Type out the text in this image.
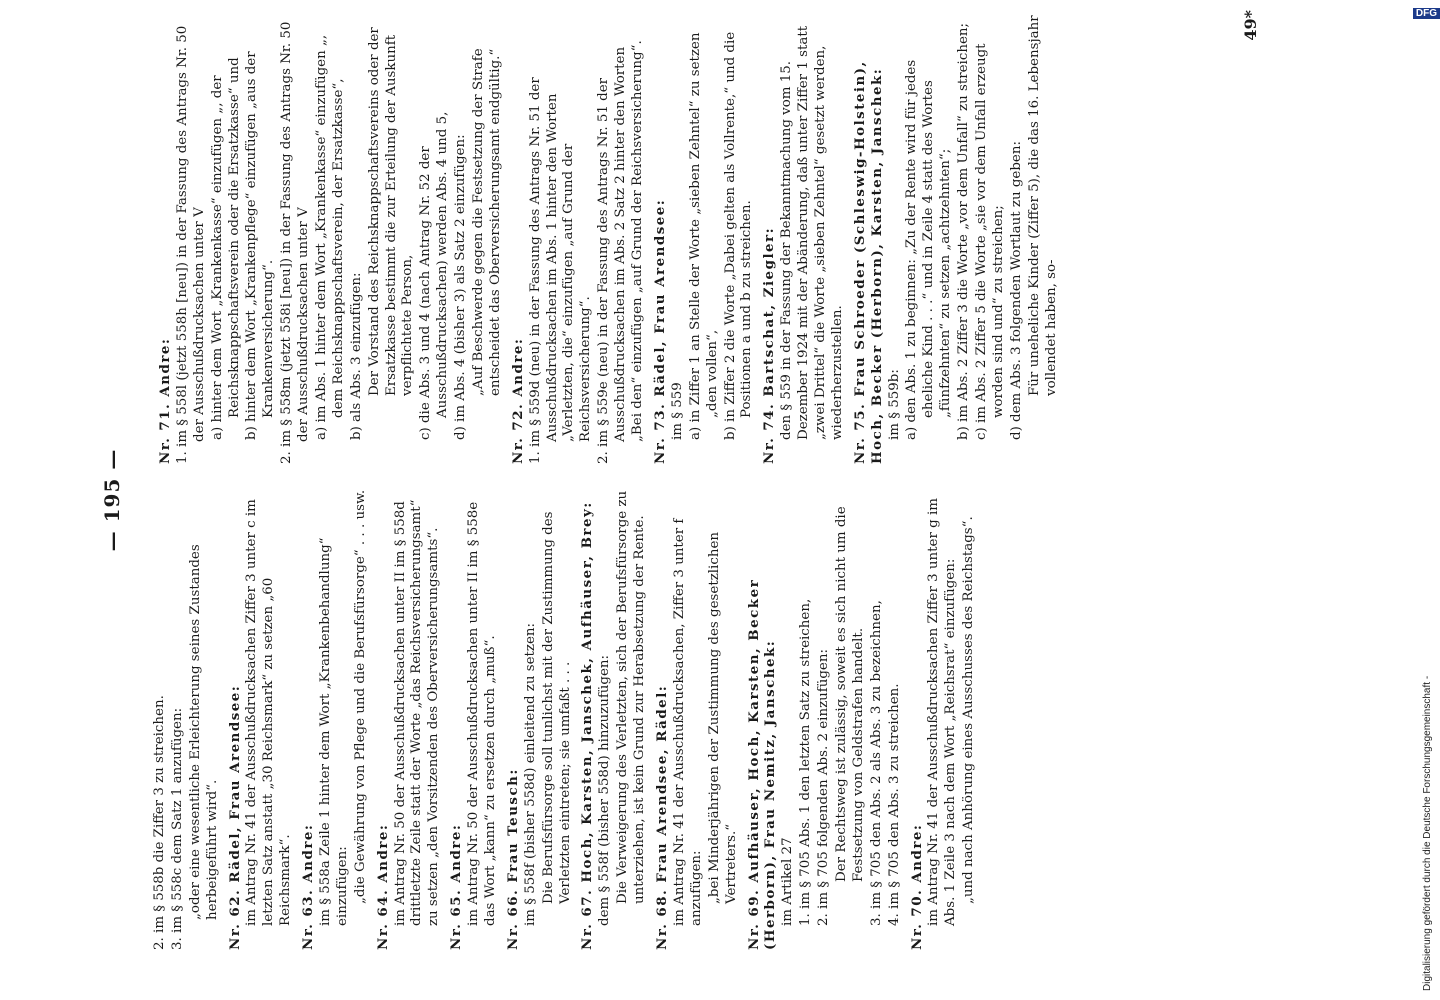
— 195 —
2. im § 558b die Ziffer 3 zu streichen. 3. im § 558c dem Satz 1 anzufügen: „oder eine wesentliche Erleichterung seines Zustandes herbeigeführt wird“. Nr. 62. Rädel, Frau Arendsee: im Antrag Nr. 41 der Ausschußdrucksachen Ziffer 3 unter c im letzten Satz anstatt „30 Reichsmark“ zu setzen „60 Reichsmark“. Nr. 63. Andre: im § 558a Zeile 1 hinter dem Wort „Krankenbehandlung“ einzufügen: „die Gewährung von Pflege und die Berufsfürsorge“ . . . usw. Nr. 64. Andre: im Antrag Nr. 50 der Ausschußdrucksachen unter II im § 558d drittletzte Zeile statt der Worte „das Reichsversicherungsamt“ zu setzen „den Vorsitzenden des Oberversicherungsamts“. Nr. 65. Andre: im Antrag Nr. 50 der Ausschußdrucksachen unter II im § 558e das Wort „kann“ zu ersetzen durch „muß“. Nr. 66. Frau Teusch: im § 558f (bisher 558d) einleitend zu setzen: Die Berufsfürsorge soll tunlichst mit der Zustimmung des Verletzten eintreten; sie umfaßt . . . Nr. 67. Hoch, Karsten, Janschek, Aufhäuser, Brey: dem § 558f (bisher 558d) hinzuzufügen: Die Verweigerung des Verletzten, sich der Berufsfürsorge zu unterziehen, ist kein Grund zur Herabsetzung der Rente. Nr. 68. Frau Arendsee, Rädel: im Antrag Nr. 41 der Ausschußdrucksachen, Ziffer 3 unter f anzufügen: „bei Minderjährigen der Zustimmung des gesetzlichen Vertreters.“ Nr. 69. Aufhäuser, Hoch, Karsten, Becker (Herborn), Frau Nemitz, Janschek: im Artikel 27 1. im § 705 Abs. 1 den letzten Satz zu streichen, 2. im § 705 folgenden Abs. 2 einzufügen: Der Rechtsweg ist zulässig, soweit es sich nicht um die Festsetzung von Geldstrafen handelt. 3. im § 705 den Abs. 2 als Abs. 3 zu bezeichnen, 4. im § 705 den Abs. 3 zu streichen. Nr. 70. Andre: im Antrag Nr. 41 der Ausschußdrucksachen Ziffer 3 unter g im Abs. 1 Zeile 3 nach dem Wort „Reichsrat“ einzufügen: „und nach Anhörung eines Ausschusses des Reichstags“.
Nr. 71. Andre: 1. im § 558l (jetzt 558h [neu]) in der Fassung des Antrags Nr. 50 der Ausschußdrucksachen unter V a) hinter dem Wort „Krankenkasse“ einzufügen „, der Reichsknappschaftsverein oder die Ersatzkasse“ und b) hinter dem Wort „Krankenpflege“ einzufügen „aus der Krankenversicherung“. 2. im § 558m (jetzt 558i [neu]) in der Fassung des Antrags Nr. 50 der Ausschußdrucksachen unter V a) im Abs. 1 hinter dem Wort „Krankenkasse“ einzufügen „, dem Reichsknappschaftsverein, der Ersatzkasse“, b) als Abs. 3 einzufügen: Der Vorstand des Reichsknappschaftsvereins oder der Ersatzkasse bestimmt die zur Erteilung der Auskunft verpflichtete Person, c) die Abs. 3 und 4 (nach Antrag Nr. 52 der Ausschußdrucksachen) werden Abs. 4 und 5, d) im Abs. 4 (bisher 3) als Satz 2 einzufügen: „Auf Beschwerde gegen die Festsetzung der Strafe entscheidet das Oberversicherungsamt endgültig.“
Nr. 72. Andre: 1. im § 559d (neu) in der Fassung des Antrags Nr. 51 der Ausschußdrucksachen im Abs. 1 hinter den Worten „Verletzten, die“ einzufügen „auf Grund der Reichsversicherung“. 2. im § 559e (neu) in der Fassung des Antrags Nr. 51 der Ausschußdrucksachen im Abs. 2 Satz 2 hinter den Worten „Bei den“ einzufügen „auf Grund der Reichsversicherung“. Nr. 73. Rädel, Frau Arendsee: im § 559 a) in Ziffer 1 an Stelle der Worte „sieben Zehntel“ zu setzen „den vollen“, b) in Ziffer 2 die Worte „Dabei gelten als Vollrente,“ und die Positionen a und b zu streichen. Nr. 74. Bartschat, Ziegler: den § 559 in der Fassung der Bekanntmachung vom 15. Dezember 1924 mit der Abänderung, daß unter Ziffer 1 statt „zwei Drittel“ die Worte „sieben Zehntel“ gesetzt werden, wiederherzustellen. Nr. 75. Frau Schroeder (Schleswig-Holstein), Hoch, Becker (Herborn), Karsten, Janschek: im § 559b: a) den Abs. 1 zu beginnen: „Zu der Rente wird für jedes eheliche Kind . . .“ und in Zeile 4 statt des Wortes „fünfzehnten“ zu setzen „achtzehnten“; b) im Abs. 2 Ziffer 3 die Worte „vor dem Unfall“ zu streichen; c) im Abs. 2 Ziffer 5 die Worte „sie vor dem Unfall erzeugt worden sind und“ zu streichen; d) dem Abs. 3 folgenden Wortlaut zu geben: Für uneheliche Kinder (Ziffer 5), die das 16. Lebensjahr vollendet haben, so-
49*
Digitalisierung gefördert durch die Deutsche Forschungsgemeinschaft -
DFG
